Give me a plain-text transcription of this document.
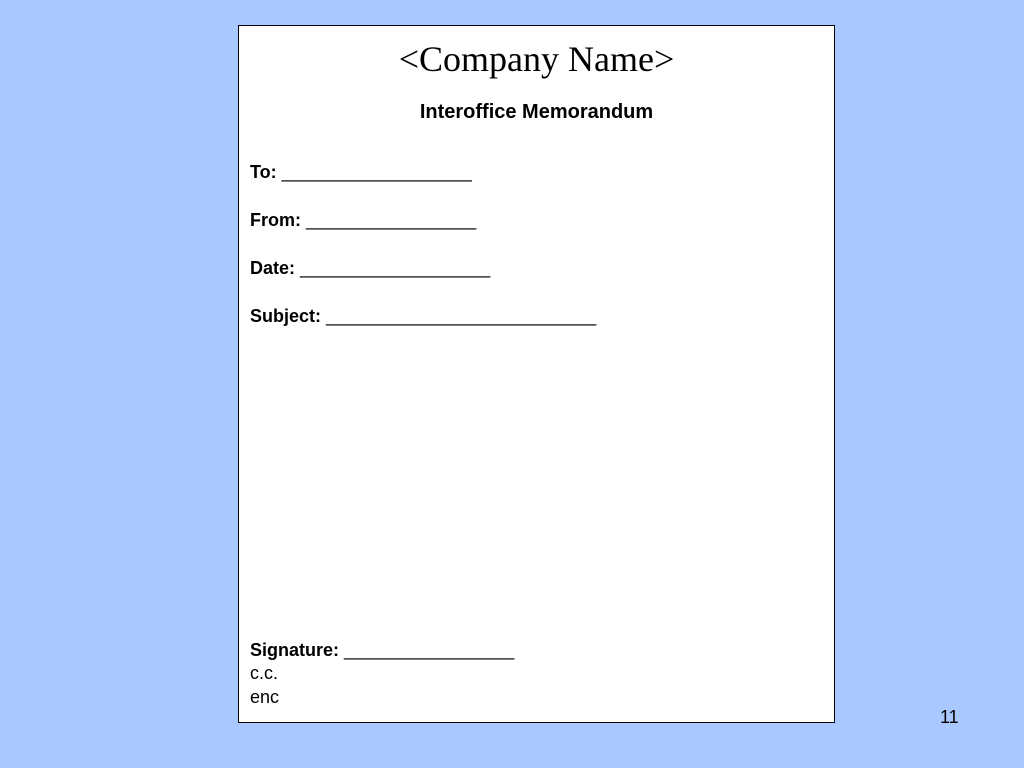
<Company Name>
Interoffice Memorandum
To: ___________________
From: _________________
Date: ___________________
Subject: ___________________________
Signature: _________________
c.c.
enc
11
